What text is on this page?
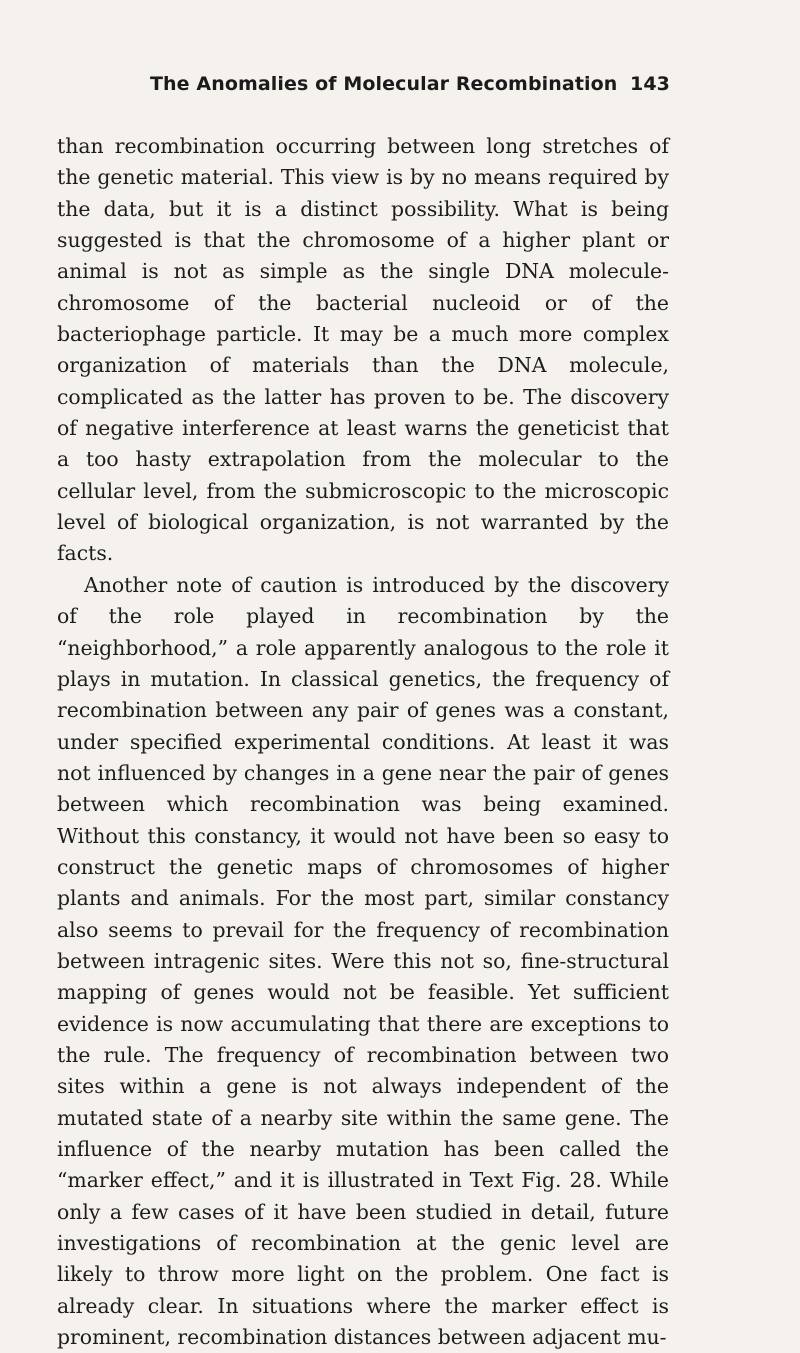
The Anomalies of Molecular Recombination 143

than recombination occurring between long stretches of the genetic material. This view is by no means required by the data, but it is a distinct possibility. What is being suggested is that the chromosome of a higher plant or animal is not as simple as the single DNA molecule-chromosome of the bacterial nucleoid or of the bacteriophage particle. It may be a much more complex organization of materials than the DNA molecule, complicated as the latter has proven to be. The discovery of negative interference at least warns the geneticist that a too hasty extrapolation from the molecular to the cellular level, from the submicroscopic to the microscopic level of biological organization, is not warranted by the facts.

Another note of caution is introduced by the discovery of the role played in recombination by the “neighborhood,” a role apparently analogous to the role it plays in mutation. In classical genetics, the frequency of recombination between any pair of genes was a constant, under specified experimental conditions. At least it was not influenced by changes in a gene near the pair of genes between which recombination was being examined. Without this constancy, it would not have been so easy to construct the genetic maps of chromosomes of higher plants and animals. For the most part, similar constancy also seems to prevail for the frequency of recombination between intragenic sites. Were this not so, fine-structural mapping of genes would not be feasible. Yet sufficient evidence is now accumulating that there are exceptions to the rule. The frequency of recombination between two sites within a gene is not always independent of the mutated state of a nearby site within the same gene. The influence of the nearby mutation has been called the “marker effect,” and it is illustrated in Text Fig. 28. While only a few cases of it have been studied in detail, future investigations of recombination at the genic level are likely to throw more light on the problem. One fact is already clear. In situations where the marker effect is prominent, recombination distances between adjacent mu-
